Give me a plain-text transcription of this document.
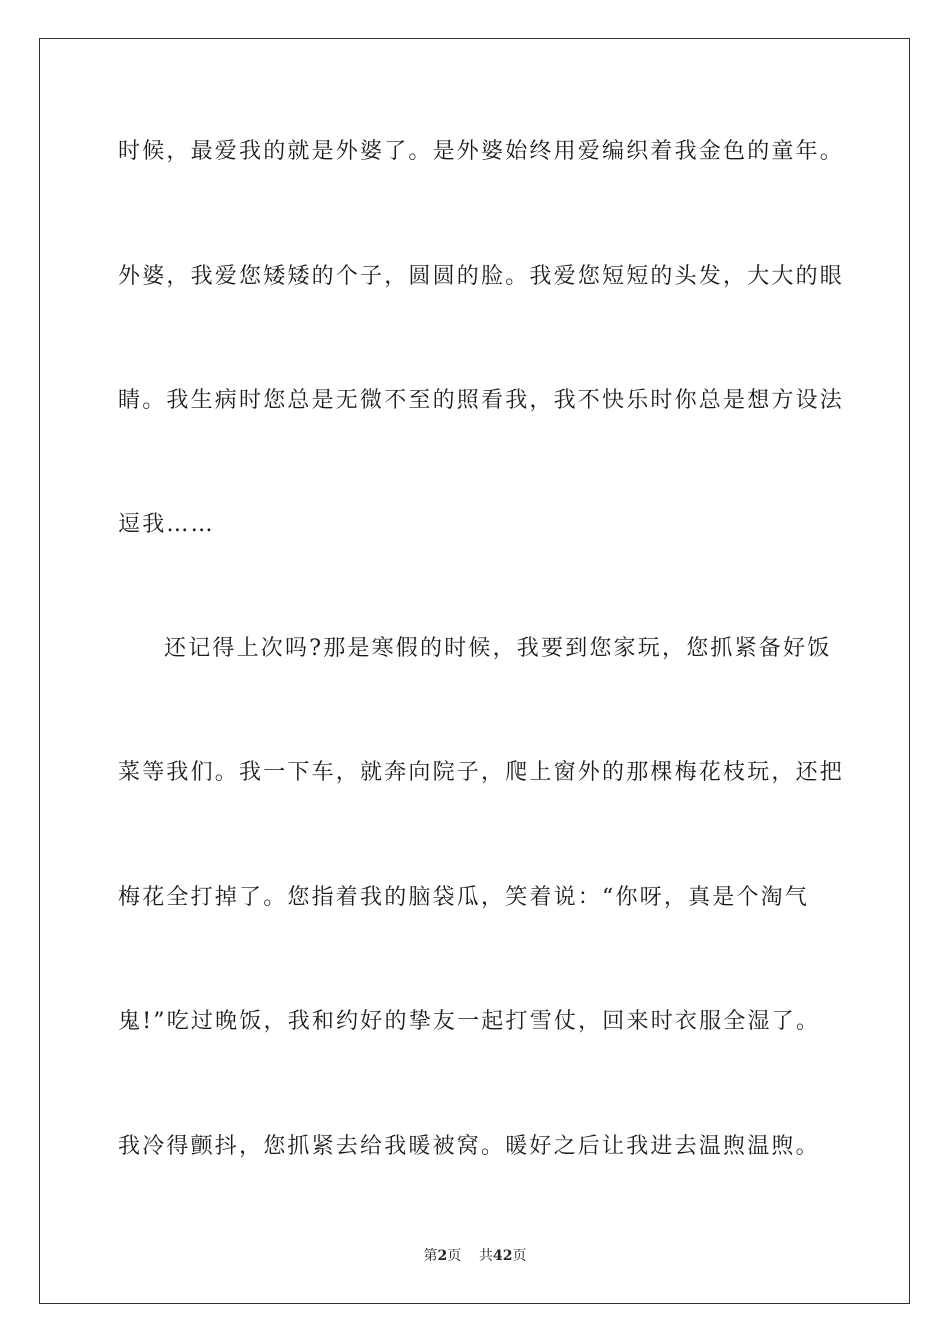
时候，最爱我的就是外婆了。是外婆始终用爱编织着我金色的童年。
外婆，我爱您矮矮的个子，圆圆的脸。我爱您短短的头发，大大的眼
睛。我生病时您总是无微不至的照看我，我不快乐时你总是想方设法
逗我……
还记得上次吗?那是寒假的时候，我要到您家玩，您抓紧备好饭
菜等我们。我一下车，就奔向院子，爬上窗外的那棵梅花枝玩，还把
梅花全打掉了。您指着我的脑袋瓜，笑着说：“你呀，真是个淘气
鬼!”吃过晚饭，我和约好的挚友一起打雪仗，回来时衣服全湿了。
我冷得颤抖，您抓紧去给我暖被窝。暖好之后让我进去温煦温煦。
第2页 共42页
